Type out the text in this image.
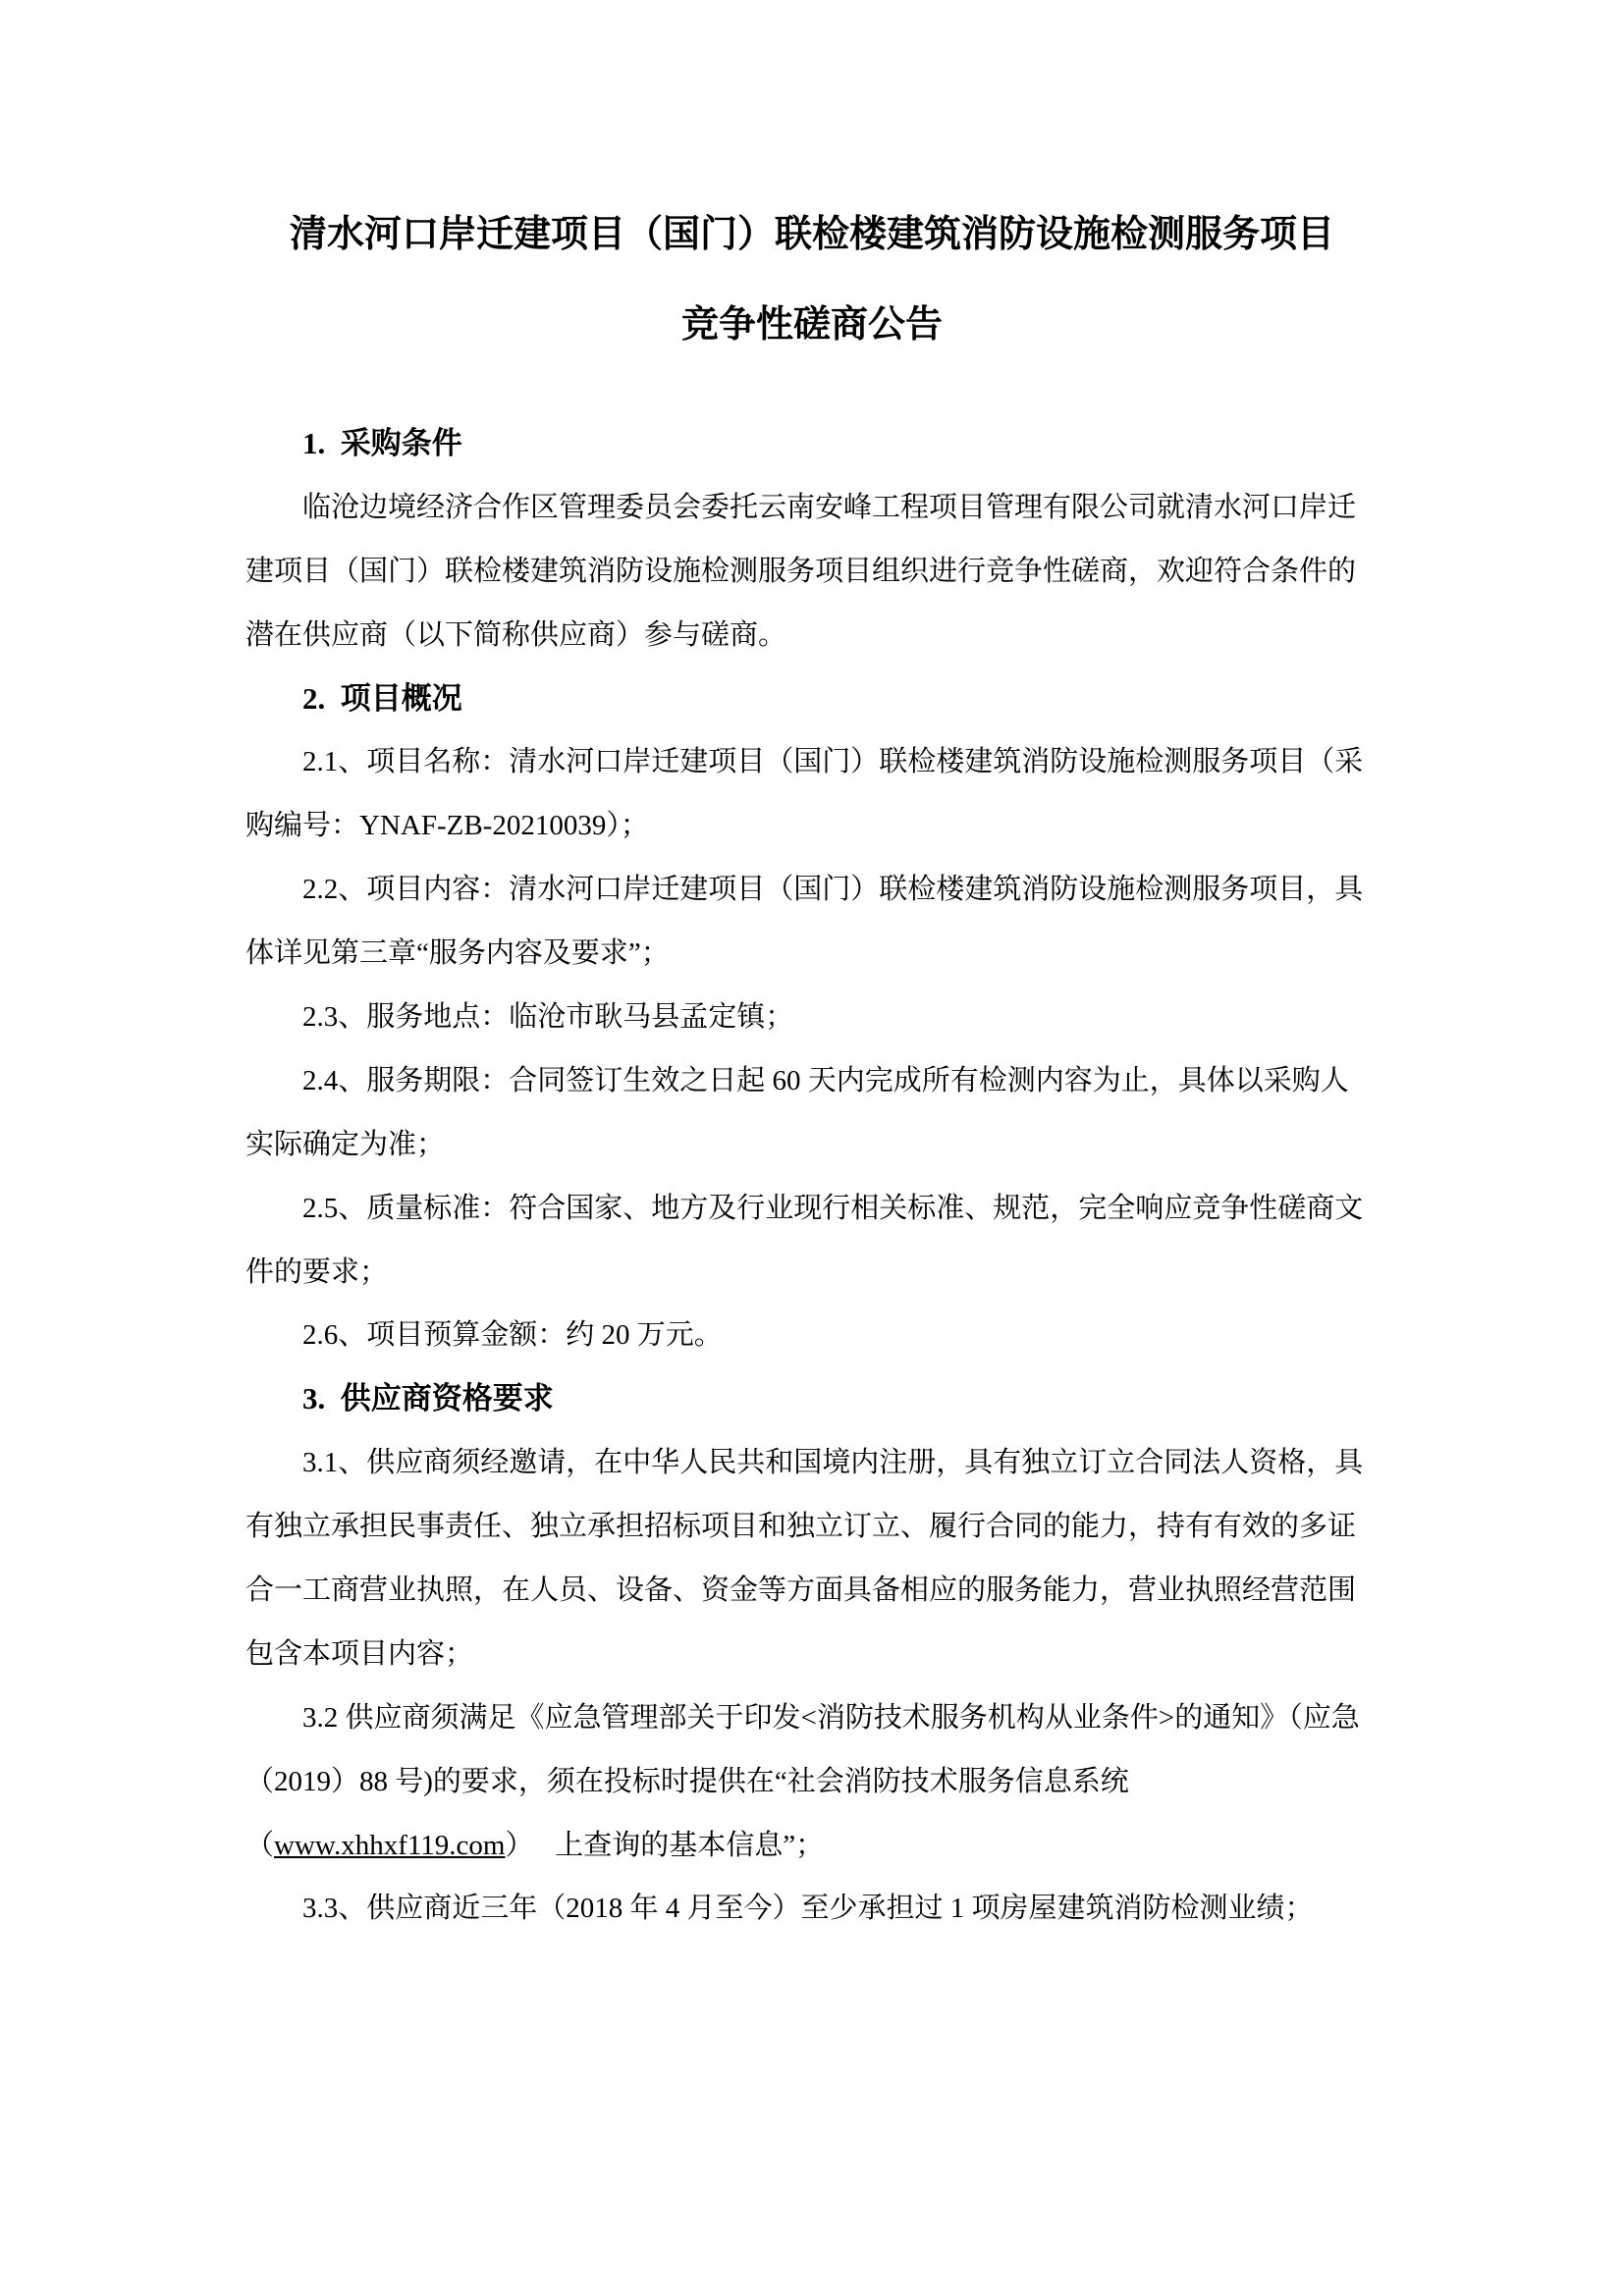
清水河口岸迁建项目（国门）联检楼建筑消防设施检测服务项目
竞争性磋商公告
1.  采购条件
临沧边境经济合作区管理委员会委托云南安峰工程项目管理有限公司就清水河口岸迁
建项目（国门）联检楼建筑消防设施检测服务项目组织进行竞争性磋商，欢迎符合条件的
潜在供应商（以下简称供应商）参与磋商。
2.  项目概况
2.1、项目名称：清水河口岸迁建项目（国门）联检楼建筑消防设施检测服务项目（采
购编号：YNAF-ZB-20210039）；
2.2、项目内容：清水河口岸迁建项目（国门）联检楼建筑消防设施检测服务项目，具
体详见第三章“服务内容及要求”；
2.3、服务地点：临沧市耿马县孟定镇；
2.4、服务期限：合同签订生效之日起 60 天内完成所有检测内容为止，具体以采购人
实际确定为准；
2.5、质量标准：符合国家、地方及行业现行相关标准、规范，完全响应竞争性磋商文
件的要求；
2.6、项目预算金额：约 20 万元。
3.  供应商资格要求
3.1、供应商须经邀请，在中华人民共和国境内注册，具有独立订立合同法人资格，具
有独立承担民事责任、独立承担招标项目和独立订立、履行合同的能力，持有有效的多证
合一工商营业执照，在人员、设备、资金等方面具备相应的服务能力，营业执照经营范围
包含本项目内容；
3.2 供应商须满足《应急管理部关于印发<消防技术服务机构从业条件>的通知》（应急
（2019）88 号)的要求，须在投标时提供在“社会消防技术服务信息系统
（www.xhhxf119.com）　 上查询的基本信息”；
3.3、供应商近三年（2018 年 4 月至今）至少承担过 1 项房屋建筑消防检测业绩；
